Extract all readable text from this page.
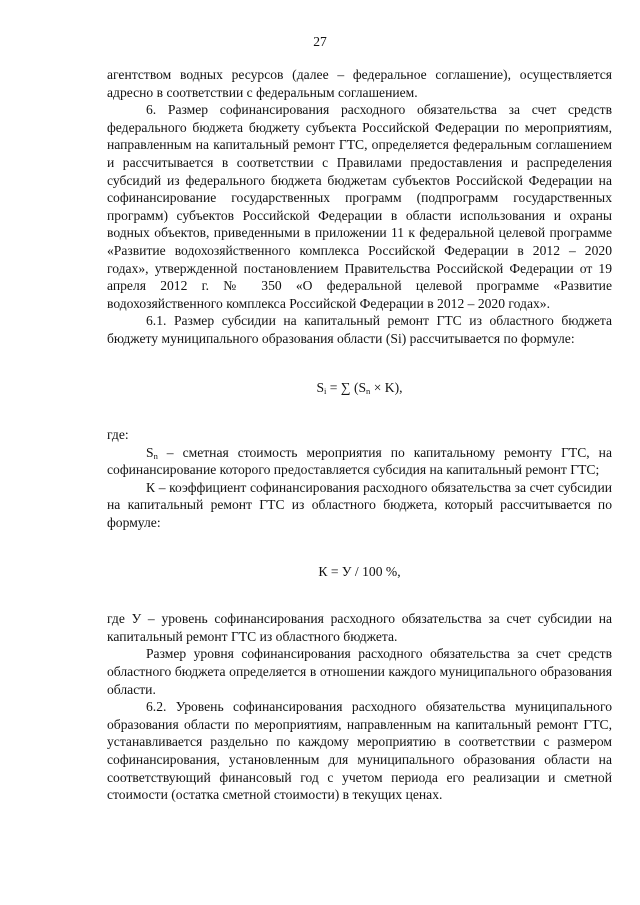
27

агентством водных ресурсов (далее – федеральное соглашение), осуществляется адресно в соответствии с федеральным соглашением.

6. Размер софинансирования расходного обязательства за счет средств федерального бюджета бюджету субъекта Российской Федерации по мероприятиям, направленным на капитальный ремонт ГТС, определяется федеральным соглашением и рассчитывается в соответствии с Правилами предоставления и распределения субсидий из федерального бюджета бюджетам субъектов Российской Федерации на софинансирование государственных программ (подпрограмм государственных программ) субъектов Российской Федерации в области использования и охраны водных объектов, приведенными в приложении 11 к федеральной целевой программе «Развитие водохозяйственного комплекса Российской Федерации в 2012 – 2020 годах», утвержденной постановлением Правительства Российской Федерации от 19 апреля 2012 г. № 350 «О федеральной целевой программе «Развитие водохозяйственного комплекса Российской Федерации в 2012 – 2020 годах».

6.1. Размер субсидии на капитальный ремонт ГТС из областного бюджета бюджету муниципального образования области (Si) рассчитывается по формуле:

$S_i$ = ∑ $(S_n \times K)$,

где:

$S_n$ – сметная стоимость мероприятия по капитальному ремонту ГТС, на софинансирование которого предоставляется субсидия на капитальный ремонт ГТС;

К – коэффициент софинансирования расходного обязательства за счет субсидии на капитальный ремонт ГТС из областного бюджета, который рассчитывается по формуле:

К = У / 100 %,

где У – уровень софинансирования расходного обязательства за счет субсидии на капитальный ремонт ГТС из областного бюджета.

Размер уровня софинансирования расходного обязательства за счет средств областного бюджета определяется в отношении каждого муниципального образования области.

6.2. Уровень софинансирования расходного обязательства муниципального образования области по мероприятиям, направленным на капитальный ремонт ГТС, устанавливается раздельно по каждому мероприятию в соответствии с размером софинансирования, установленным для муниципального образования области на соответствующий финансовый год с учетом периода его реализации и сметной стоимости (остатка сметной стоимости) в текущих ценах.
